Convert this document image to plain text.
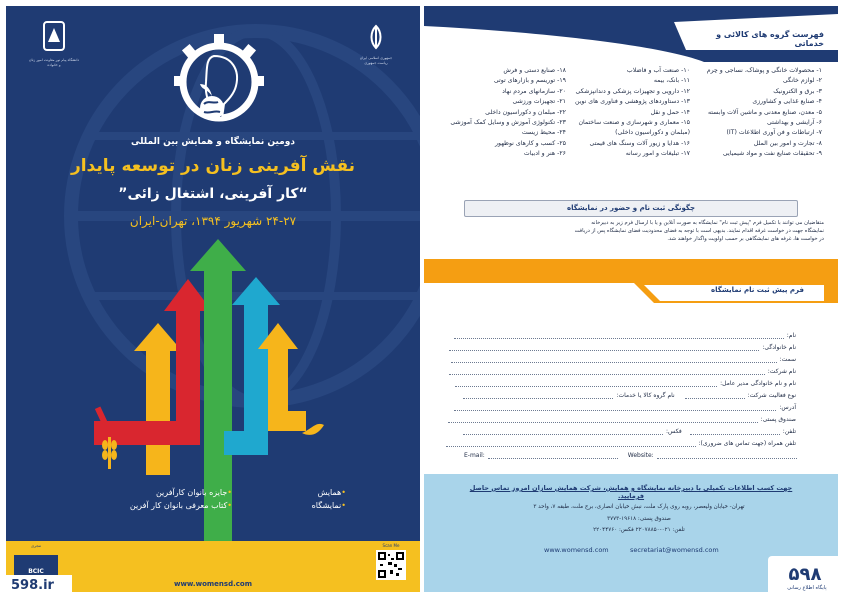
دانشگاه پیام نور معاونت امور زنان و خانواده
جمهوری اسلامی ایران ریاست جمهوری
دومین نمایشگاه و همایش بین المللی
نقش آفرینی زنان در توسعه پایدار
“کار آفرینی، اشتغال زائی”
۲۴-۲۷ شهریور ۱۳۹۴، تهران-ایران
•همایش
•نمایشگاه
•جایزه بانوان کارآفرین
•کتاب معرفی بانوان کار آفرین
مجری
BCIC
www.womensd.com
Scan Me
598.ir
فهرست گروه های کالائی و خدماتی
۱- محصولات خانگی و پوشاک، نساجی و چرم
۲- لوازم خانگی
۳- برق و الکترونیک
۴- صنایع غذایی و کشاورزی
۵- معدن، صنایع معدنی و ماشین آلات وابسته
۶- آرایشی و بهداشتی
۷- ارتباطات و فن آوری اطلاعات (IT)
۸- تجارت و امور بین الملل
۹- تحقیقات صنایع نفت و مواد شیمیایی
۱۰- صنعت آب و فاضلاب
۱۱- بانک، بیمه
۱۲- دارویی و تجهیزات پزشکی و دندانپزشکی
۱۳- دستاوردهای پژوهشی و فناوری های نوین
۱۴- حمل و نقل
۱۵- معماری و شهرسازی و صنعت ساختمان
(مبلمان و دکوراسیون داخلی)
۱۶- هدایا و زیور آلات وسنگ های قیمتی
۱۷- تبلیغات و امور رسانه
۱۸- صنایع دستی و فرش
۱۹- توریسم و بازارهای توتی
۲۰- سازمانهای مردم نهاد
۲۱- تجهیزات ورزشی
۲۲- مبلمان و دکوراسیون داخلی
۲۳- تکنولوژی آموزش و وسایل کمک آموزشی
۲۴- محیط زیست
۲۵- کسب و کارهای نوظهور
۲۶- هنر و ادبیات
چگونگی ثبت نام و حضور در نمایشگاه
متقاضیان می توانند با تکمیل فرم "پیش ثبت نام" نمایشگاه به صورت آنلاین و یا با ارسال فرم زیر به دبیرخانه
نمایشگاه جهت در خواست غرفه اقدام نمایند. بدیهی است با توجه به فضای محدودیت فضای نمایشگاه پس از دریافت
در خواست ها، غرفه های نمایشگاهی بر حسب اولویت واگذار خواهند شد.
فرم پیش ثبت نام نمایشگاه
نام:
نام خانوادگی:
سمت:
نام شرکت:
نام و نام خانوادگی مدیر عامل:
نوع فعالیت شرکت: نام گروه کالا یا خدمات:
آدرس:
صندوق پستی:
تلفن: فکس:
تلفن همراه (جهت تماس های ضروری):
E-mail:	Website:
جهت کسب اطلاعات تکمیلی با دبیرخانه نمایشگاه و همایش، شرکت همایش سازان امروز تماس حاصل فرمایید.
تهران- خیابان ولیعصر، روبه روی پارک ملت، نبش خیابان انصاری، برج ملت، طبقه ۷، واحد ۳
صندوق پستی: ۱۹۶۱۸-۳۷۷۳
تلفن: ۰۲۱-۲۲۰۷۸۸۵۰ فکس: ۲۲۰۴۴۷۶۰
www.womensd.com	secretariat@womensd.com
۵۹۸
پایگاه اطلاع رسانی
